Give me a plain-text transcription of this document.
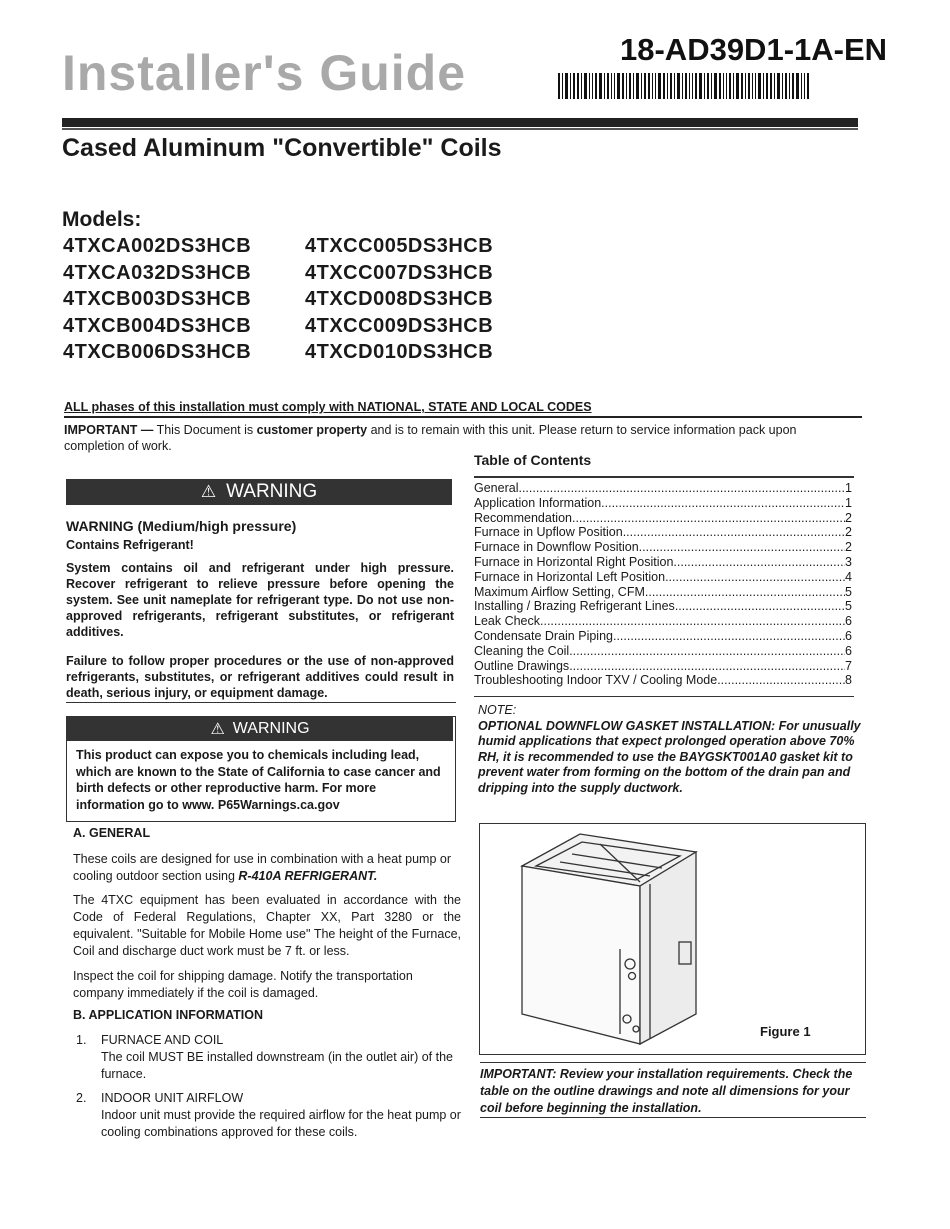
Installer's Guide	18-AD39D1-1A-EN
Cased Aluminum "Convertible" Coils
Models:
4TXCA002DS3HCB
4TXCA032DS3HCB
4TXCB003DS3HCB
4TXCB004DS3HCB
4TXCB006DS3HCB
4TXCC005DS3HCB
4TXCC007DS3HCB
4TXCD008DS3HCB
4TXCC009DS3HCB
4TXCD010DS3HCB
ALL phases of this installation must comply with NATIONAL, STATE AND LOCAL CODES
IMPORTANT — This Document is customer property and is to remain with this unit. Please return to service information pack upon completion of work.
Table of Contents
General .....	1
Application Information .....	1
Recommendation .....	2
Furnace in Upflow Position .....	2
Furnace in Downflow Position .....	2
Furnace in Horizontal Right Position .....	3
Furnace in Horizontal Left Position .....	4
Maximum Airflow Setting, CFM .....	5
Installing / Brazing Refrigerant Lines .....	5
Leak Check .....	6
Condensate Drain Piping .....	6
Cleaning the Coil .....	6
Outline Drawings .....	7
Troubleshooting Indoor TXV / Cooling Mode .....	8
⚠ WARNING
WARNING (Medium/high pressure)
Contains Refrigerant!
System contains oil and refrigerant under high pressure. Recover refrigerant to relieve pressure before opening the system. See unit nameplate for refrigerant type. Do not use non-approved refrigerants, refrigerant substitutes, or refrigerant additives.
Failure to follow proper procedures or the use of non-approved refrigerants, substitutes, or refrigerant additives could result in death, serious injury, or equipment damage.
⚠ WARNING
This product can expose you to chemicals including lead, which are known to the State of California to case cancer and birth defects or other reproductive harm. For more information go to www. P65Warnings.ca.gov
A. GENERAL
These coils are designed for use in combination with a heat pump or cooling outdoor section using R-410A REFRIGERANT.
The 4TXC equipment has been evaluated in accordance with the Code of Federal Regulations, Chapter XX, Part 3280 or the equivalent. "Suitable for Mobile Home use" The height of the Furnace, Coil and discharge duct work must be 7 ft. or less.
Inspect the coil for shipping damage. Notify the transportation company immediately if the coil is damaged.
B. APPLICATION INFORMATION
1. FURNACE AND COIL
The coil MUST BE installed downstream (in the outlet air) of the furnace.
2. INDOOR UNIT AIRFLOW
Indoor unit must provide the required airflow for the heat pump or cooling combinations approved for these coils.
NOTE:
OPTIONAL DOWNFLOW GASKET INSTALLATION: For unusually humid applications that expect prolonged operation above 70% RH, it is recommended to use the BAYGSKT001A0 gasket kit to prevent water from forming on the bottom of the drain pan and dripping into the supply ductwork.
Figure 1
IMPORTANT: Review your installation requirements. Check the table on the outline drawings and note all dimensions for your coil before beginning the installation.
